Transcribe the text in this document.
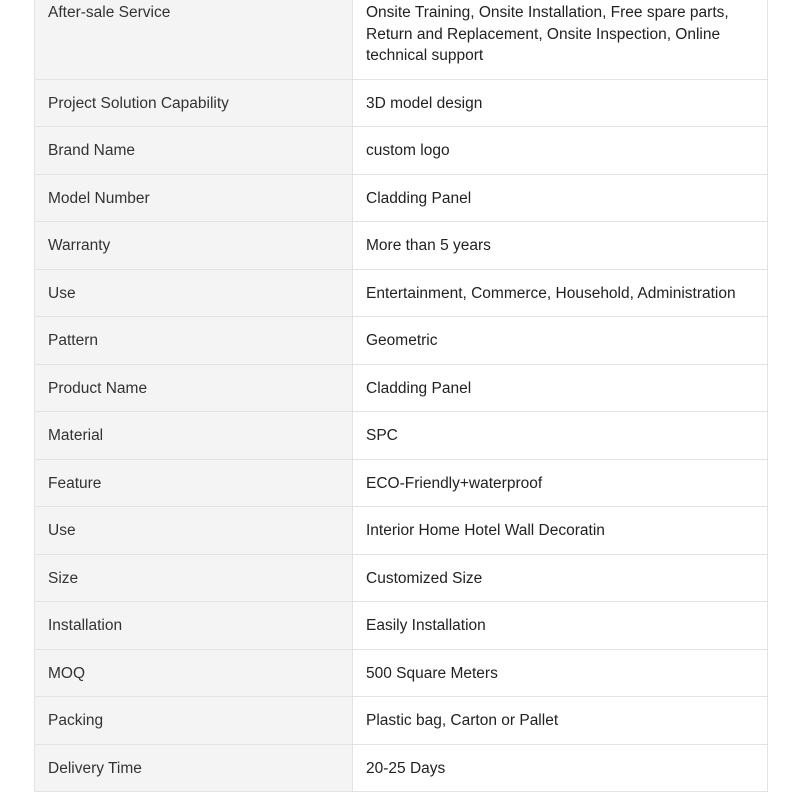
After-sale Service	Onsite Training, Onsite Installation, Free spare parts, Return and Replacement, Onsite Inspection, Online technical support
Project Solution Capability	3D model design
Brand Name	custom logo
Model Number	Cladding Panel
Warranty	More than 5 years
Use	Entertainment, Commerce, Household, Administration
Pattern	Geometric
Product Name	Cladding Panel
Material	SPC
Feature	ECO-Friendly+waterproof
Use	Interior Home Hotel Wall Decoratin
Size	Customized Size
Installation	Easily Installation
MOQ	500 Square Meters
Packing	Plastic bag, Carton or Pallet
Delivery Time	20-25 Days
